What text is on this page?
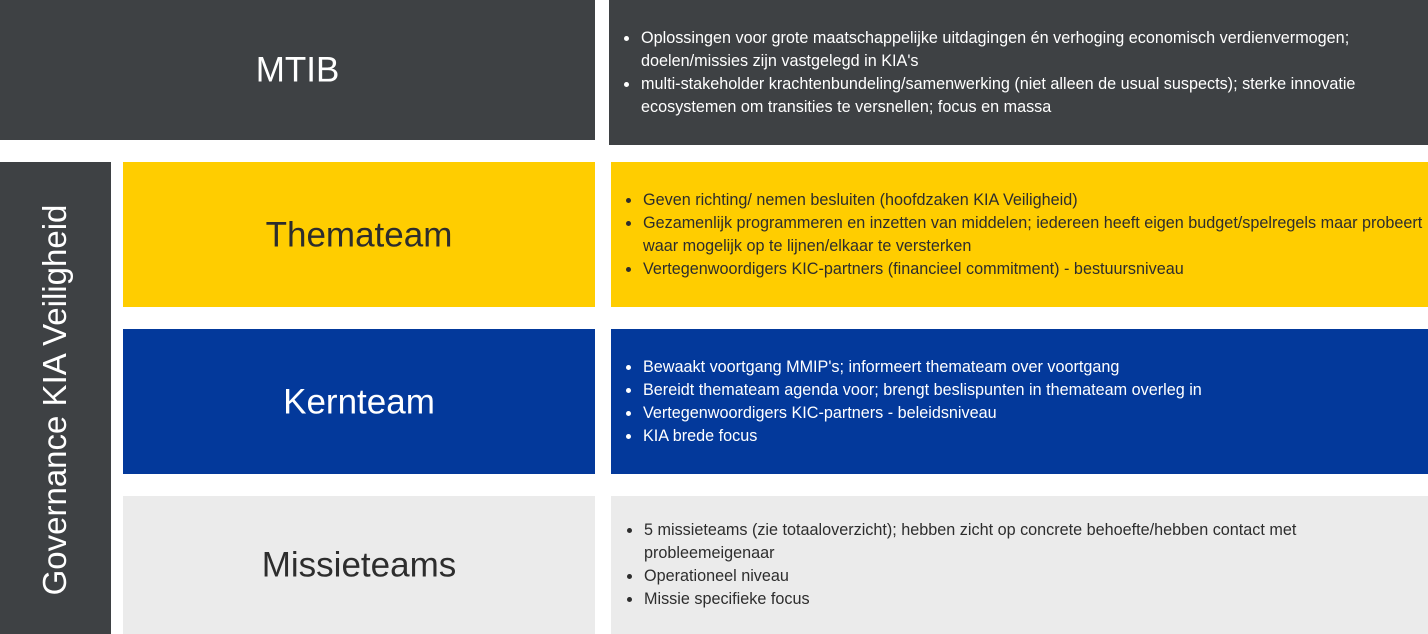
MTIB
Oplossingen voor grote maatschappelijke uitdagingen én verhoging economisch verdienvermogen; doelen/missies zijn vastgelegd in KIA's
multi-stakeholder krachtenbundeling/samenwerking (niet alleen de usual suspects); sterke innovatie ecosystemen om transities te versnellen; focus en massa
Governance KIA Veiligheid	Themateam
Geven richting/ nemen besluiten (hoofdzaken KIA Veiligheid)
Gezamenlijk programmeren en inzetten van middelen; iedereen heeft eigen budget/spelregels maar probeert waar mogelijk op te lijnen/elkaar te versterken
Vertegenwoordigers KIC-partners (financieel commitment) - bestuursniveau
Kernteam
Bewaakt voortgang MMIP's; informeert themateam over voortgang
Bereidt themateam agenda voor; brengt beslispunten in themateam overleg in
Vertegenwoordigers KIC-partners - beleidsniveau
KIA brede focus
Missieteams
5 missieteams (zie totaaloverzicht); hebben zicht op concrete behoefte/hebben contact met probleemeigenaar
Operationeel niveau
Missie specifieke focus
